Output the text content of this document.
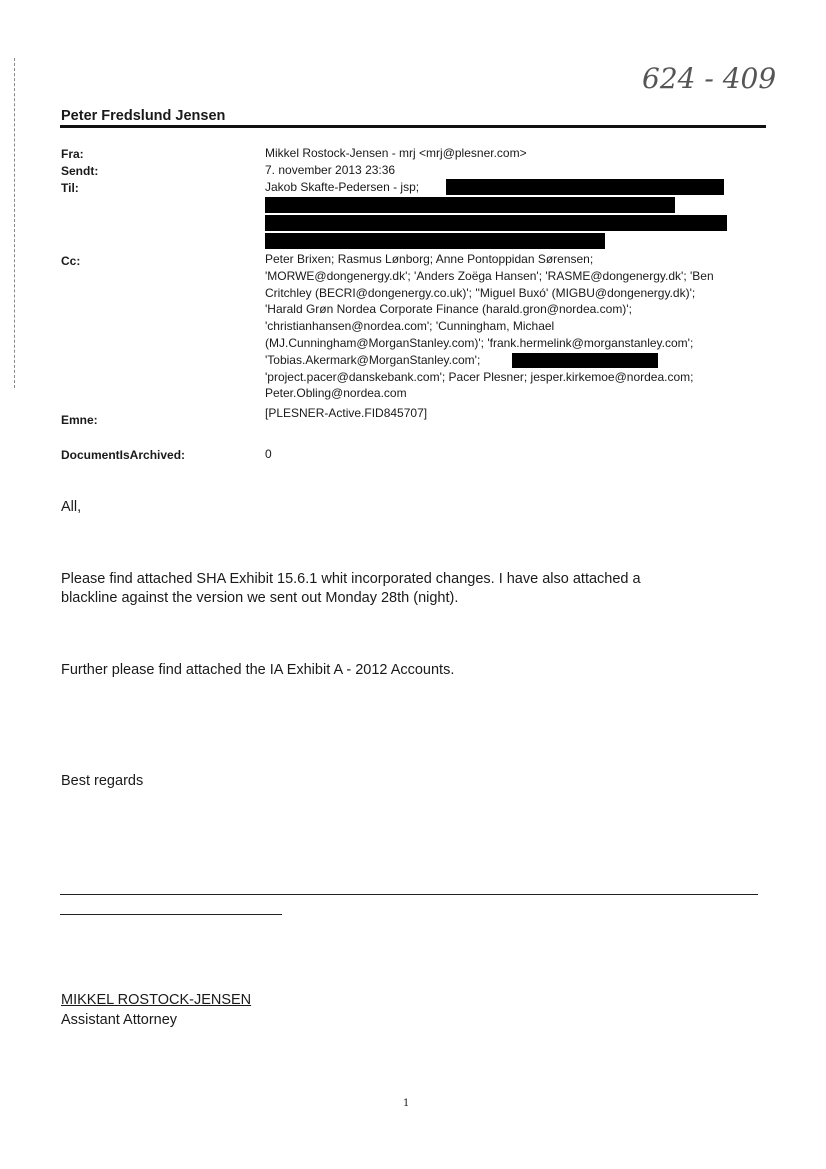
624 - 409
Peter Fredslund Jensen
Fra:	Mikkel Rostock-Jensen - mrj <mrj@plesner.com>
Sendt:	7. november 2013 23:36
Til:	Jakob Skafte-Pedersen - jsp;
Cc:	Peter Brixen; Rasmus Lønborg; Anne Pontoppidan Sørensen;
'MORWE@dongenergy.dk'; 'Anders Zoëga Hansen'; 'RASME@dongenergy.dk'; 'Ben
Critchley (BECRI@dongenergy.co.uk)'; ''Miguel Buxó' (MIGBU@dongenergy.dk)';
'Harald Grøn Nordea Corporate Finance (harald.gron@nordea.com)';
'christianhansen@nordea.com'; 'Cunningham, Michael
(MJ.Cunningham@MorganStanley.com)'; 'frank.hermelink@morganstanley.com';
'Tobias.Akermark@MorganStanley.com';
'project.pacer@danskebank.com'; Pacer Plesner; jesper.kirkemoe@nordea.com;
Peter.Obling@nordea.com
Emne:	[PLESNER-Active.FID845707]
DocumentIsArchived:	0
All,
Please find attached SHA Exhibit 15.6.1 whit incorporated changes. I have also attached a
blackline against the version we sent out Monday 28th (night).
Further please find attached the IA Exhibit A - 2012 Accounts.
Best regards
MIKKEL ROSTOCK-JENSEN
Assistant Attorney
1
